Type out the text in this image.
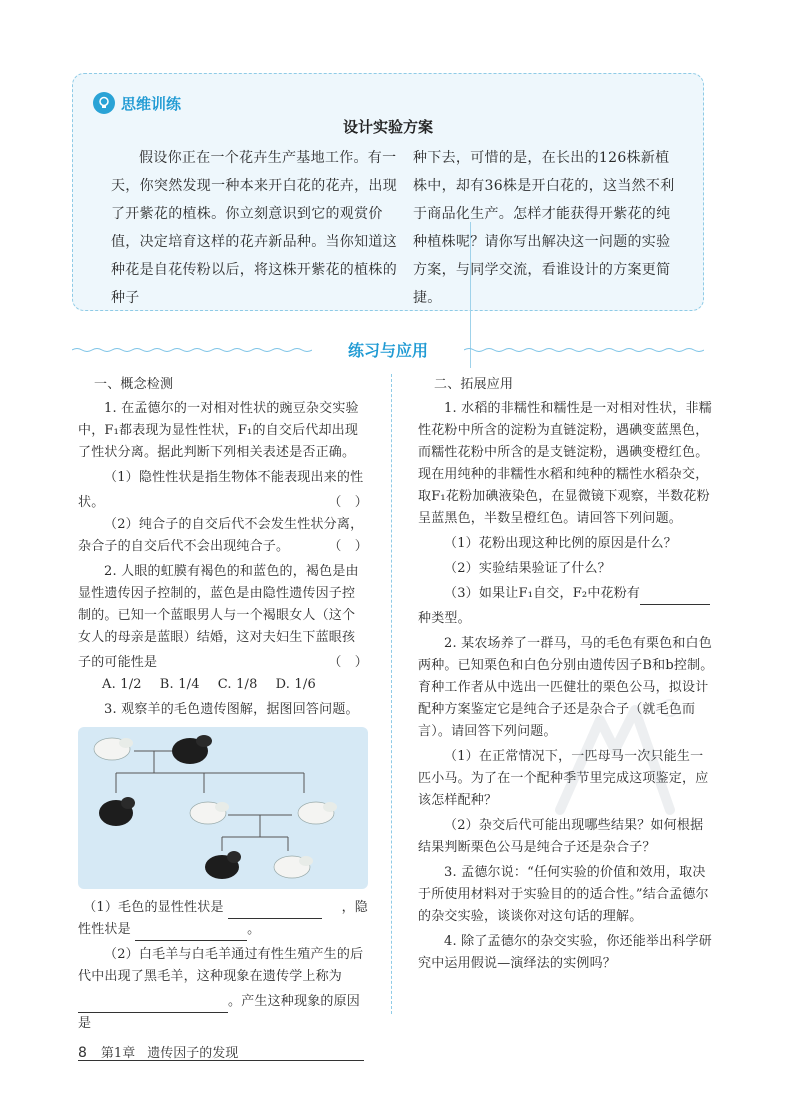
思维训练
设计实验方案
假设你正在一个花卉生产基地工作。有一天，你突然发现一种本来开白花的花卉，出现了开紫花的植株。你立刻意识到它的观赏价值，决定培育这样的花卉新品种。当你知道这种花是自花传粉以后，将这株开紫花的植株的种子
种下去，可惜的是，在长出的126株新植株中，却有36株是开白花的，这当然不利于商品化生产。怎样才能获得开紫花的纯种植株呢？请你写出解决这一问题的实验方案，与同学交流，看谁设计的方案更简捷。
练习与应用
一、概念检测
1. 在孟德尔的一对相对性状的豌豆杂交实验中，F₁都表现为显性性状，F₁的自交后代却出现了性状分离。据此判断下列相关表述是否正确。
（1）隐性性状是指生物体不能表现出来的性
状。	（　）
（2）纯合子的自交后代不会发生性状分离，杂合子的自交后代不会出现纯合子。	（　）
2. 人眼的虹膜有褐色的和蓝色的，褐色是由显性遗传因子控制的，蓝色是由隐性遗传因子控制的。已知一个蓝眼男人与一个褐眼女人（这个女人的母亲是蓝眼）结婚，这对夫妇生下蓝眼孩
子的可能性是	（　）
A. 1/2 B. 1/4 C. 1/8 D. 1/6
3. 观察羊的毛色遗传图解，据图回答问题。
（1）毛色的显性性状是	，隐
性性状是	。
（2）白毛羊与白毛羊通过有性生殖产生的后代中出现了黑毛羊，这种现象在遗传学上称为
。产生这种现象的原因是
二、拓展应用
1. 水稻的非糯性和糯性是一对相对性状，非糯性花粉中所含的淀粉为直链淀粉，遇碘变蓝黑色，而糯性花粉中所含的是支链淀粉，遇碘变橙红色。现在用纯种的非糯性水稻和纯种的糯性水稻杂交，取F₁花粉加碘液染色，在显微镜下观察，半数花粉呈蓝黑色，半数呈橙红色。请回答下列问题。
（1）花粉出现这种比例的原因是什么？
（2）实验结果验证了什么？
（3）如果让F₁自交，F₂中花粉有
种类型。
2. 某农场养了一群马，马的毛色有栗色和白色两种。已知栗色和白色分别由遗传因子B和b控制。育种工作者从中选出一匹健壮的栗色公马，拟设计配种方案鉴定它是纯合子还是杂合子（就毛色而言）。请回答下列问题。
（1）在正常情况下，一匹母马一次只能生一匹小马。为了在一个配种季节里完成这项鉴定，应该怎样配种？
（2）杂交后代可能出现哪些结果？如何根据结果判断栗色公马是纯合子还是杂合子？
3. 孟德尔说：“任何实验的价值和效用，取决于所使用材料对于实验目的的适合性。”结合孟德尔的杂交实验，谈谈你对这句话的理解。
4. 除了孟德尔的杂交实验，你还能举出科学研究中运用假说—演绎法的实例吗？
8 第1章 遗传因子的发现
